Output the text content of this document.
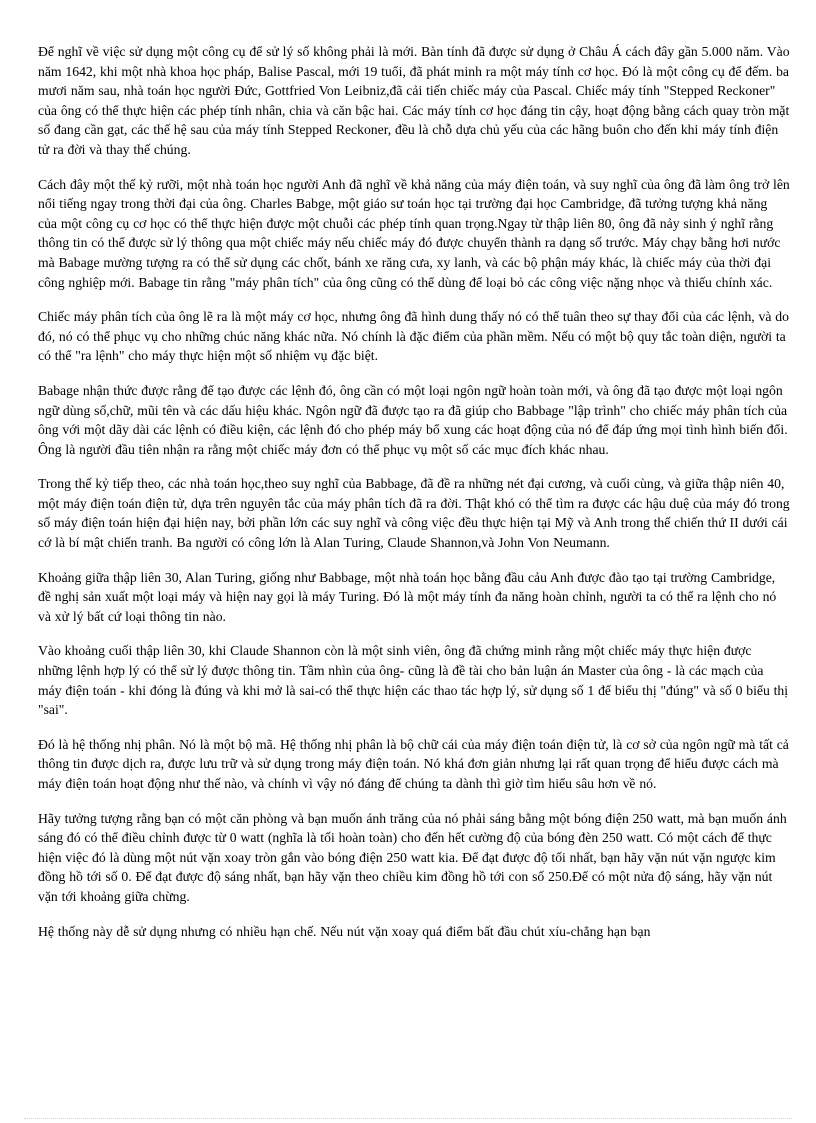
Để nghĩ về việc sử dụng một công cụ để sử lý số không phải là mới. Bàn tính đã được sử dụng ở Châu Á cách đây gần 5.000 năm. Vào năm 1642, khi một nhà khoa học pháp, Balise Pascal, mới 19 tuổi, đã phát minh ra một máy tính cơ học. Đó là một công cụ để đếm. ba mươi năm sau, nhà toán học người Đức, Gottfried Von Leibniz,đã cải tiến chiếc máy của Pascal. Chiếc máy tính "Stepped Reckoner" của ông có thể thực hiện các phép tính nhân, chia và căn bậc hai. Các máy tính cơ học đáng tin cậy, hoạt động bằng cách quay tròn mặt số đang cần gạt, các thế hệ sau của máy tính Stepped Reckoner, đều là chỗ dựa chủ yếu của các hãng buôn cho đến khi máy tính điện tử ra đời và thay thế chúng.

Cách đây một thế kỷ rưỡi, một nhà toán học người Anh đã nghĩ về khả năng của máy điện toán, và suy nghĩ của ông đã làm ông trở lên nổi tiếng ngay trong thời đại của ông. Charles Babge, một giáo sư toán học tại trường đại học Cambridge, đã tưởng tượng khả năng của một công cụ cơ học có thể thực hiện được một chuỗi các phép tính quan trọng.Ngay từ thập liên 80, ông đã nảy sinh ý nghĩ rằng thông tin có thể được sử lý thông qua một chiếc máy nếu chiếc máy đó được chuyển thành ra dạng số trước. Máy chạy bằng hơi nước mà Babage mường tượng ra có thể sử dụng các chốt, bánh xe răng cưa, xy lanh, và các bộ phận máy khác, là chiếc máy của thời đại công nghiệp mới. Babage tin rằng "máy phân tích" của ông cũng có thể dùng để loại bỏ các công việc nặng nhọc và thiếu chính xác.

Chiếc máy phân tích của ông lẽ ra là một máy cơ học, nhưng ông đã hình dung thấy nó có thể tuân theo sự thay đổi của các lệnh, và do đó, nó có thể phục vụ cho những chúc năng khác nữa. Nó chính là đặc điểm của phần mềm. Nếu có một bộ quy tắc toàn diện, người ta có thể "ra lệnh" cho máy thực hiện một số nhiệm vụ đặc biệt.

Babage nhận thức được rằng để tạo được các lệnh đó, ông cần có một loại ngôn ngữ hoàn toàn mới, và ông đã tạo được một loại ngôn ngữ dùng số,chữ, mũi tên và các dấu hiệu khác. Ngôn ngữ đã được tạo ra đã giúp cho Babbage "lập trình" cho chiếc máy phân tích của ông với một dãy dài các lệnh có điều kiện, các lệnh đó cho phép máy bổ xung các hoạt động của nó để đáp ứng mọi tình hình biến đổi. Ông là người đầu tiên nhận ra rằng một chiếc máy đơn có thể phục vụ một số các mục đích khác nhau.

Trong thế kỷ tiếp theo, các nhà toán học,theo suy nghĩ của Babbage, đã đề ra những nét đại cương, và cuối cùng, và giữa thập niên 40, một máy điện toán điện tử, dựa trên nguyên tắc của máy phân tích đã ra đời. Thật khó có thể tìm ra được các hậu duệ của máy đó trong số máy điện toán hiện đại hiện nay, bởi phần lớn các suy nghĩ và công việc đều thực hiện tại Mỹ và Anh trong thế chiến thứ II dưới cái cớ là bí mật chiến tranh. Ba người có công lớn là Alan Turing, Claude Shannon,và John Von Neumann.

Khoảng giữa thập liên 30, Alan Turing, giống như Babbage, một nhà toán học bằng đầu cảu Anh được đào tạo tại trường Cambridge, đề nghị sản xuất một loại máy và hiện nay gọi là máy Turing. Đó là một máy tính đa năng hoàn chỉnh, người ta có thể ra lệnh cho nó và xử lý bất cứ loại thông tin nào.

Vào khoảng cuối thập liên 30, khi Claude Shannon còn là một sinh viên, ông đã chứng minh rằng một chiếc máy thực hiện được những lệnh hợp lý có thể sử lý được thông tin. Tầm nhìn của ông- cũng là đề tài cho bản luận án Master của ông - là các mạch của máy điện toán - khi đóng là đúng và khi mở là sai-có thể thực hiện các thao tác hợp lý, sử dụng số 1 để biểu thị "đúng" và số 0 biểu thị "sai".

Đó là hệ thống nhị phân. Nó là một bộ mã. Hệ thống nhị phân là bộ chữ cái của máy điện toán điện tử, là cơ sở của ngôn ngữ mà tất cả thông tin được dịch ra, được lưu trữ và sử dụng trong máy điện toán. Nó khá đơn giản nhưng lại rất quan trọng để hiểu được cách mà máy điện toán hoạt động như thế nào, và chính vì vậy nó đáng để chúng ta dành thì giờ tìm hiểu sâu hơn về nó.

Hãy tưởng tượng rằng bạn có một căn phòng và bạn muốn ánh trăng của nó phải sáng bằng một bóng điện 250 watt, mà bạn muốn ánh sáng đó có thể điều chỉnh được từ 0 watt (nghĩa là tối hoàn toàn) cho đến hết cường độ của bóng đèn 250 watt. Có một cách để thực hiện việc đó là dùng một nút vặn xoay tròn gắn vào bóng điện 250 watt kia. Để đạt được độ tối nhất, bạn hãy vặn nút vặn ngược kim đồng hồ tới số 0. Để đạt được độ sáng nhất, bạn hãy vặn theo chiều kim đồng hồ tới con số 250.Để có một nửa độ sáng, hãy vặn nút vặn tới khoảng giữa chừng.

Hệ thống này dễ sử dụng nhưng có nhiều hạn chế. Nếu nút vặn xoay quá điểm bất đầu chút xíu-chẳng hạn bạn
